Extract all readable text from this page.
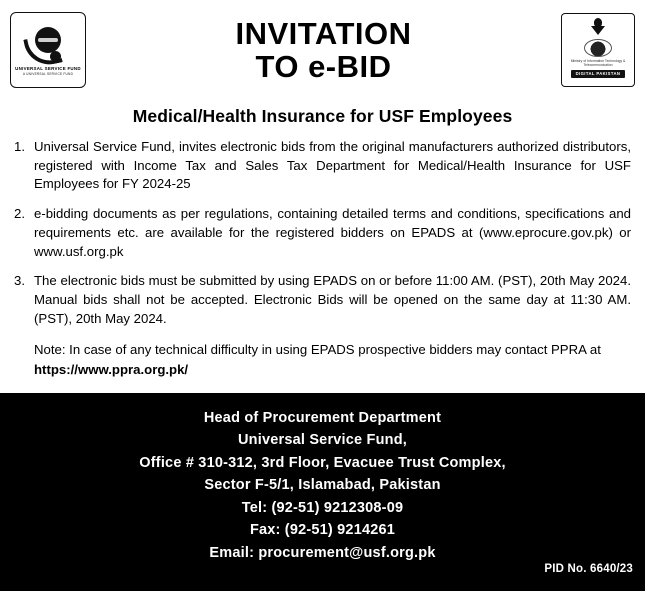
UNIVERSAL SERVICE FUND
A UNIVERSAL SERVICE FUND
INVITATION
TO e-BID	Ministry of Information Technology & Telecommunication
DIGITAL PAKISTAN
Medical/Health Insurance for USF Employees
1. Universal Service Fund, invites electronic bids from the original manufacturers authorized distributors, registered with Income Tax and Sales Tax Department for Medical/Health Insurance for USF Employees for FY 2024-25
2. e-bidding documents as per regulations, containing detailed terms and conditions, specifications and requirements etc. are available for the registered bidders on EPADS at (www.eprocure.gov.pk) or www.usf.org.pk
3. The electronic bids must be submitted by using EPADS on or before 11:00 AM. (PST), 20th May 2024. Manual bids shall not be accepted. Electronic Bids will be opened on the same day at 11:30 AM. (PST), 20th May 2024.
Note: In case of any technical difficulty in using EPADS prospective bidders may contact PPRA at
https://www.ppra.org.pk/
Head of Procurement Department
Universal Service Fund,
Office # 310-312, 3rd Floor, Evacuee Trust Complex,
Sector F-5/1, Islamabad, Pakistan
Tel: (92-51) 9212308-09
Fax: (92-51) 9214261
Email: procurement@usf.org.pk
PID No. 6640/23
